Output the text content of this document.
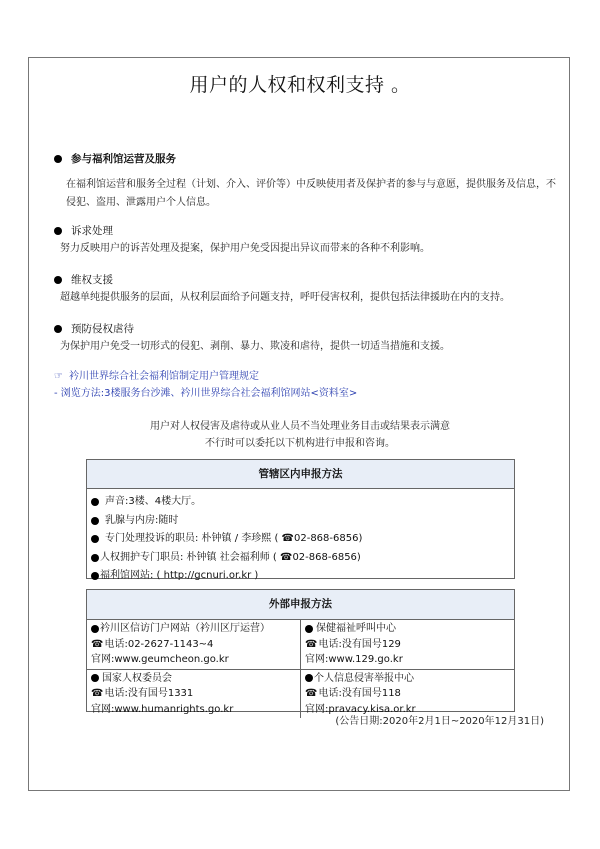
用户的人权和权利支持 。
参与福利馆运营及服务
在福利馆运营和服务全过程（计划、介入、评价等）中反映使用者及保护者的参与与意愿，提供服务及信息，不
侵犯、盗用、泄露用户个人信息。
诉求处理
努力反映用户的诉苦处理及提案，保护用户免受因提出异议而带来的各种不利影响。
维权支援
超越单纯提供服务的层面，从权利层面给予问题支持，呼吁侵害权利，提供包括法律援助在内的支持。
预防侵权虐待
为保护用户免受一切形式的侵犯、剥削、暴力、欺凌和虐待，提供一切适当措施和支援。
☞ 衿川世界综合社会福利馆制定用户管理规定
- 浏览方法:3楼服务台沙滩、衿川世界综合社会福利馆网站<资料室>
用户对人权侵害及虐待或从业人员不当处理业务目击或结果表示满意
不行时可以委托以下机构进行申报和咨询。
管辖区内申报方法
声音:3楼、4楼大厅。
乳腺与内房:随时
专门处理投诉的职员: 朴钟镇 / 李珍熙 ( ☎02-868-6856)
人权拥护专门职员: 朴钟镇 社会福利师 ( ☎02-868-6856)
福利馆网站: ( http://gcnuri.or.kr )
外部申报方法
衿川区信访门户网站（衿川区厅运营）
☎ 电话:02-2627-1143~4
官网:www.geumcheon.go.kr
保健福祉呼叫中心
☎ 电话:没有国号129
官网:www.129.go.kr
国家人权委员会
☎ 电话:没有国号1331
官网:www.humanrights.go.kr
个人信息侵害举报中心
☎ 电话:没有国号118
官网:pravacy.kisa.or.kr
(公告日期:2020年2月1日~2020年12月31日)
